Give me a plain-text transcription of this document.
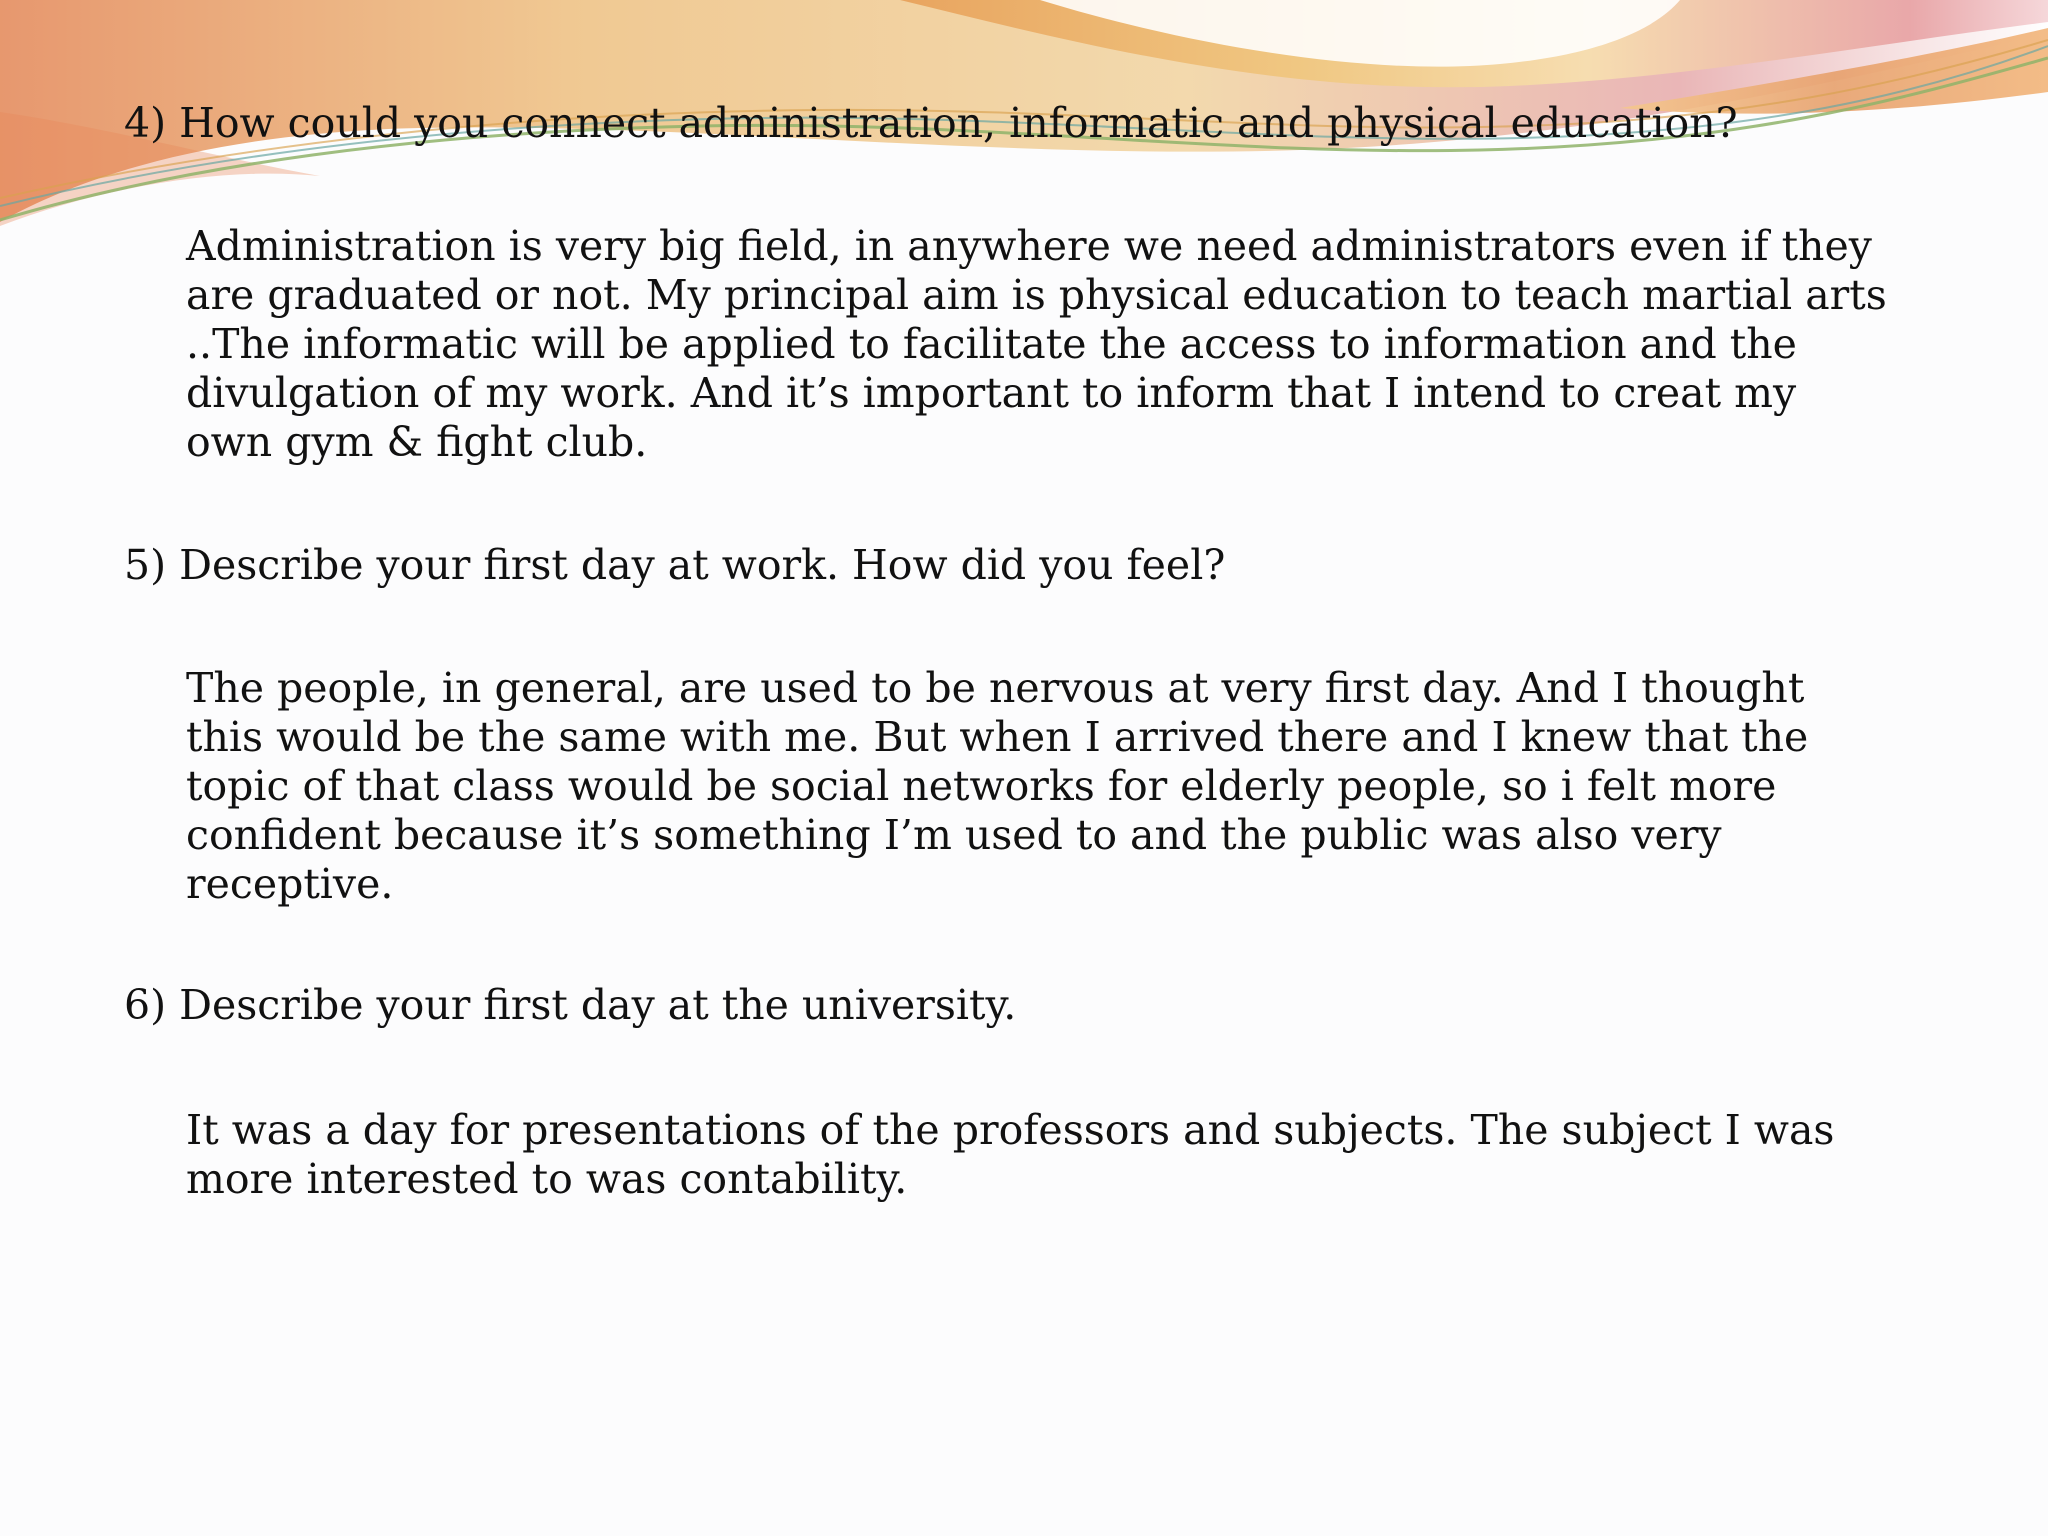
4) How could you connect administration, informatic and physical education?
Administration is very big field, in anywhere we need administrators even if they
are graduated or not. My principal aim is physical education to teach martial arts
..The informatic will be applied to facilitate the access to information and the
divulgation of my work. And it’s important to inform that I intend to creat my
own gym & fight club.
5) Describe your first day at work. How did you feel?
The people, in general, are used to be nervous at very first day. And I thought
this would be the same with me. But when I arrived there and I knew that the
topic of that class would be social networks for elderly people, so i felt more
confident because it’s something I’m used to and the public was also very
receptive.
6) Describe your first day at the university.
It was a day for presentations of the professors and subjects. The subject I was
more interested to was contability.
